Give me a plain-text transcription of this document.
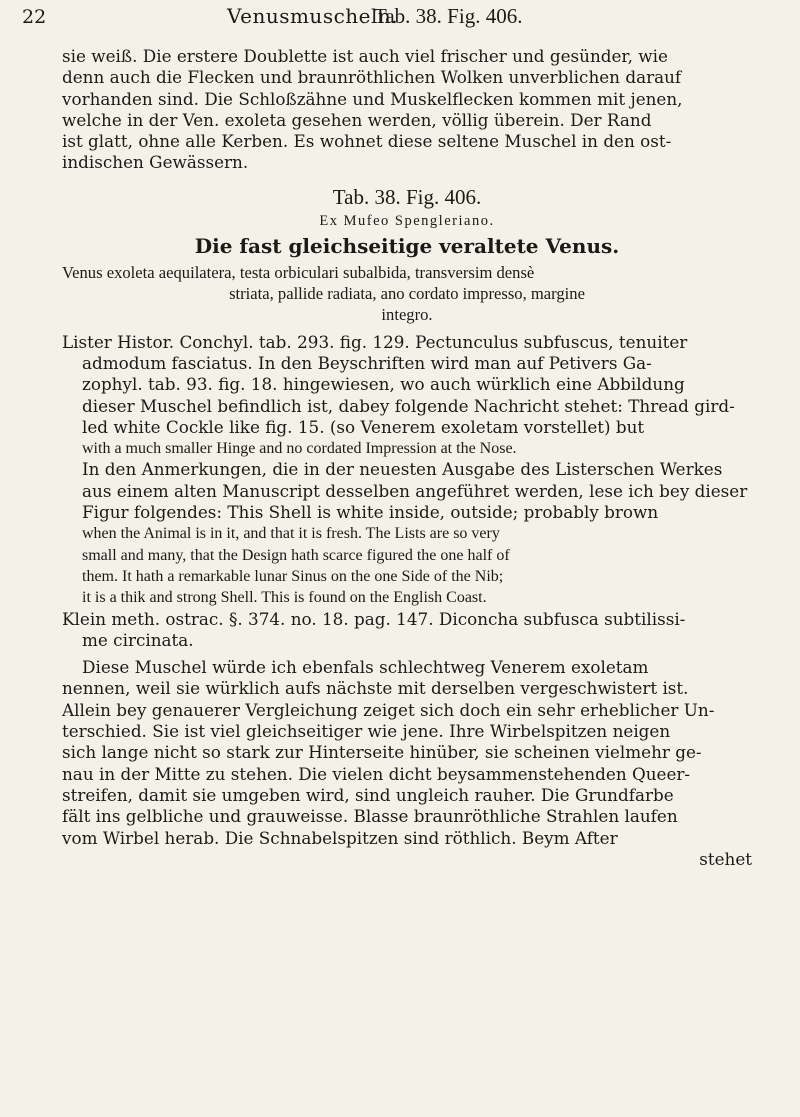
22	Venusmuscheln.
Tab. 38. Fig. 406.

sie weiß. Die erstere Doublette ist auch viel frischer und gesünder, wie
denn auch die Flecken und braunröthlichen Wolken unverblichen darauf
vorhanden sind. Die Schloßzähne und Muskelflecken kommen mit jenen,
welche in der Ven. exoleta gesehen werden, völlig überein. Der Rand
ist glatt, ohne alle Kerben. Es wohnet diese seltene Muschel in den ost-
indischen Gewässern.

Tab. 38. Fig. 406.
Ex Mufeo Spengleriano.
Die fast gleichseitige veraltete Venus.

Venus exoleta aequilatera, testa orbiculari subalbida, transversim densè
striata, pallide radiata, ano cordato impresso, margine
integro.

Lister Histor. Conchyl. tab. 293. fig. 129. Pectunculus subfuscus, tenuiter
admodum fasciatus. In den Beyschriften wird man auf Petivers Ga-
zophyl. tab. 93. fig. 18. hingewiesen, wo auch würklich eine Abbildung
dieser Muschel befindlich ist, dabey folgende Nachricht stehet: Thread gird-
led white Cockle like fig. 15. (so Venerem exoletam vorstellet) but
with a much smaller Hinge and no cordated Impression at the Nose.
In den Anmerkungen, die in der neuesten Ausgabe des Listerschen Werkes
aus einem alten Manuscript desselben angeführet werden, lese ich bey dieser
Figur folgendes: This Shell is white inside, outside; probably brown
when the Animal is in it, and that it is fresh. The Lists are so very
small and many, that the Design hath scarce figured the one half of
them. It hath a remarkable lunar Sinus on the one Side of the Nib;
it is a thik and strong Shell. This is found on the English Coast.

Klein meth. ostrac. §. 374. no. 18. pag. 147. Diconcha subfusca subtilissi-
me circinata.

Diese Muschel würde ich ebenfals schlechtweg Venerem exoletam
nennen, weil sie würklich aufs nächste mit derselben vergeschwistert ist.
Allein bey genauerer Vergleichung zeiget sich doch ein sehr erheblicher Un-
terschied. Sie ist viel gleichseitiger wie jene. Ihre Wirbelspitzen neigen
sich lange nicht so stark zur Hinterseite hinüber, sie scheinen vielmehr ge-
nau in der Mitte zu stehen. Die vielen dicht beysammenstehenden Queer-
streifen, damit sie umgeben wird, sind ungleich rauher. Die Grundfarbe
fält ins gelbliche und grauweisse. Blasse braunröthliche Strahlen laufen
vom Wirbel herab. Die Schnabelspitzen sind röthlich. Beym After
stehet
